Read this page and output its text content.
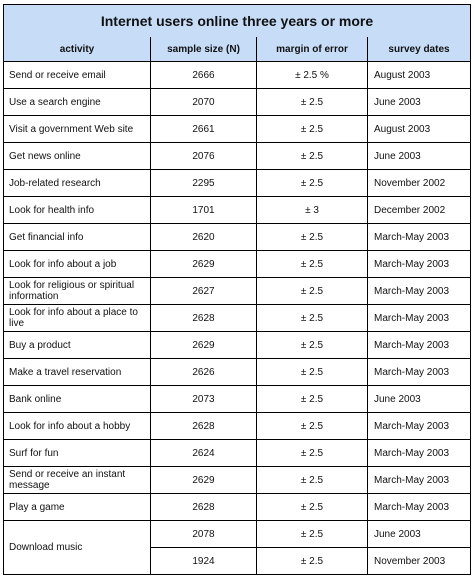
Internet users online three years or more			
activity	sample size (N)	margin of error	survey dates
Send or receive email	2666	± 2.5 %	August 2003
Use a search engine	2070	± 2.5	June 2003
Visit a government Web site	2661	± 2.5	August 2003
Get news online	2076	± 2.5	June 2003
Job-related research	2295	± 2.5	November 2002
Look for health info	1701	± 3	December 2002
Get financial info	2620	± 2.5	March-May 2003
Look for info about a job	2629	± 2.5	March-May 2003
Look for religious or spiritual information	2627	± 2.5	March-May 2003
Look for info about a place to live	2628	± 2.5	March-May 2003
Buy a product	2629	± 2.5	March-May 2003
Make a travel reservation	2626	± 2.5	March-May 2003
Bank online	2073	± 2.5	June 2003
Look for info about a hobby	2628	± 2.5	March-May 2003
Surf for fun	2624	± 2.5	March-May 2003
Send or receive an instant message	2629	± 2.5	March-May 2003
Play a game	2628	± 2.5	March-May 2003
Download music	2078	± 2.5	June 2003
	1924	± 2.5	November 2003
